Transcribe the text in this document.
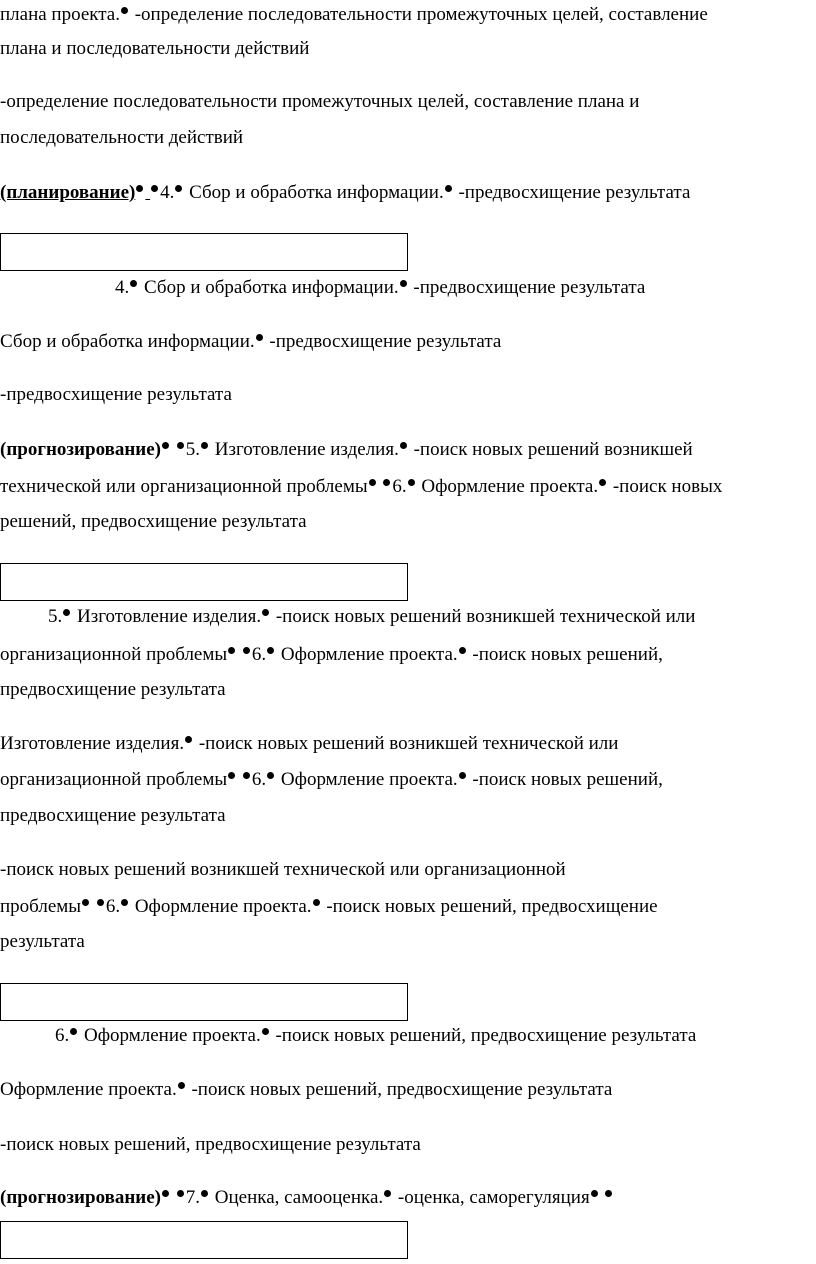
плана проекта. -определение последовательности промежуточных целей, составление
плана и последовательности действий
-определение последовательности промежуточных целей, составление плана и
последовательности действий
(планирование) 4. Сбор и обработка информации. -предвосхищение результата
4. Сбор и обработка информации. -предвосхищение результата
Сбор и обработка информации. -предвосхищение результата
-предвосхищение результата
(прогнозирование) 5. Изготовление изделия. -поиск новых решений возникшей
технической или организационной проблемы 6. Оформление проекта. -поиск новых
решений, предвосхищение результата
5. Изготовление изделия. -поиск новых решений возникшей технической или
организационной проблемы 6. Оформление проекта. -поиск новых решений,
предвосхищение результата
Изготовление изделия. -поиск новых решений возникшей технической или
организационной проблемы 6. Оформление проекта. -поиск новых решений,
предвосхищение результата
-поиск новых решений возникшей технической или организационной
проблемы 6. Оформление проекта. -поиск новых решений, предвосхищение
результата
6. Оформление проекта. -поиск новых решений, предвосхищение результата
Оформление проекта. -поиск новых решений, предвосхищение результата
-поиск новых решений, предвосхищение результата
(прогнозирование) 7. Оценка, самооценка. -оценка, саморегуляция
